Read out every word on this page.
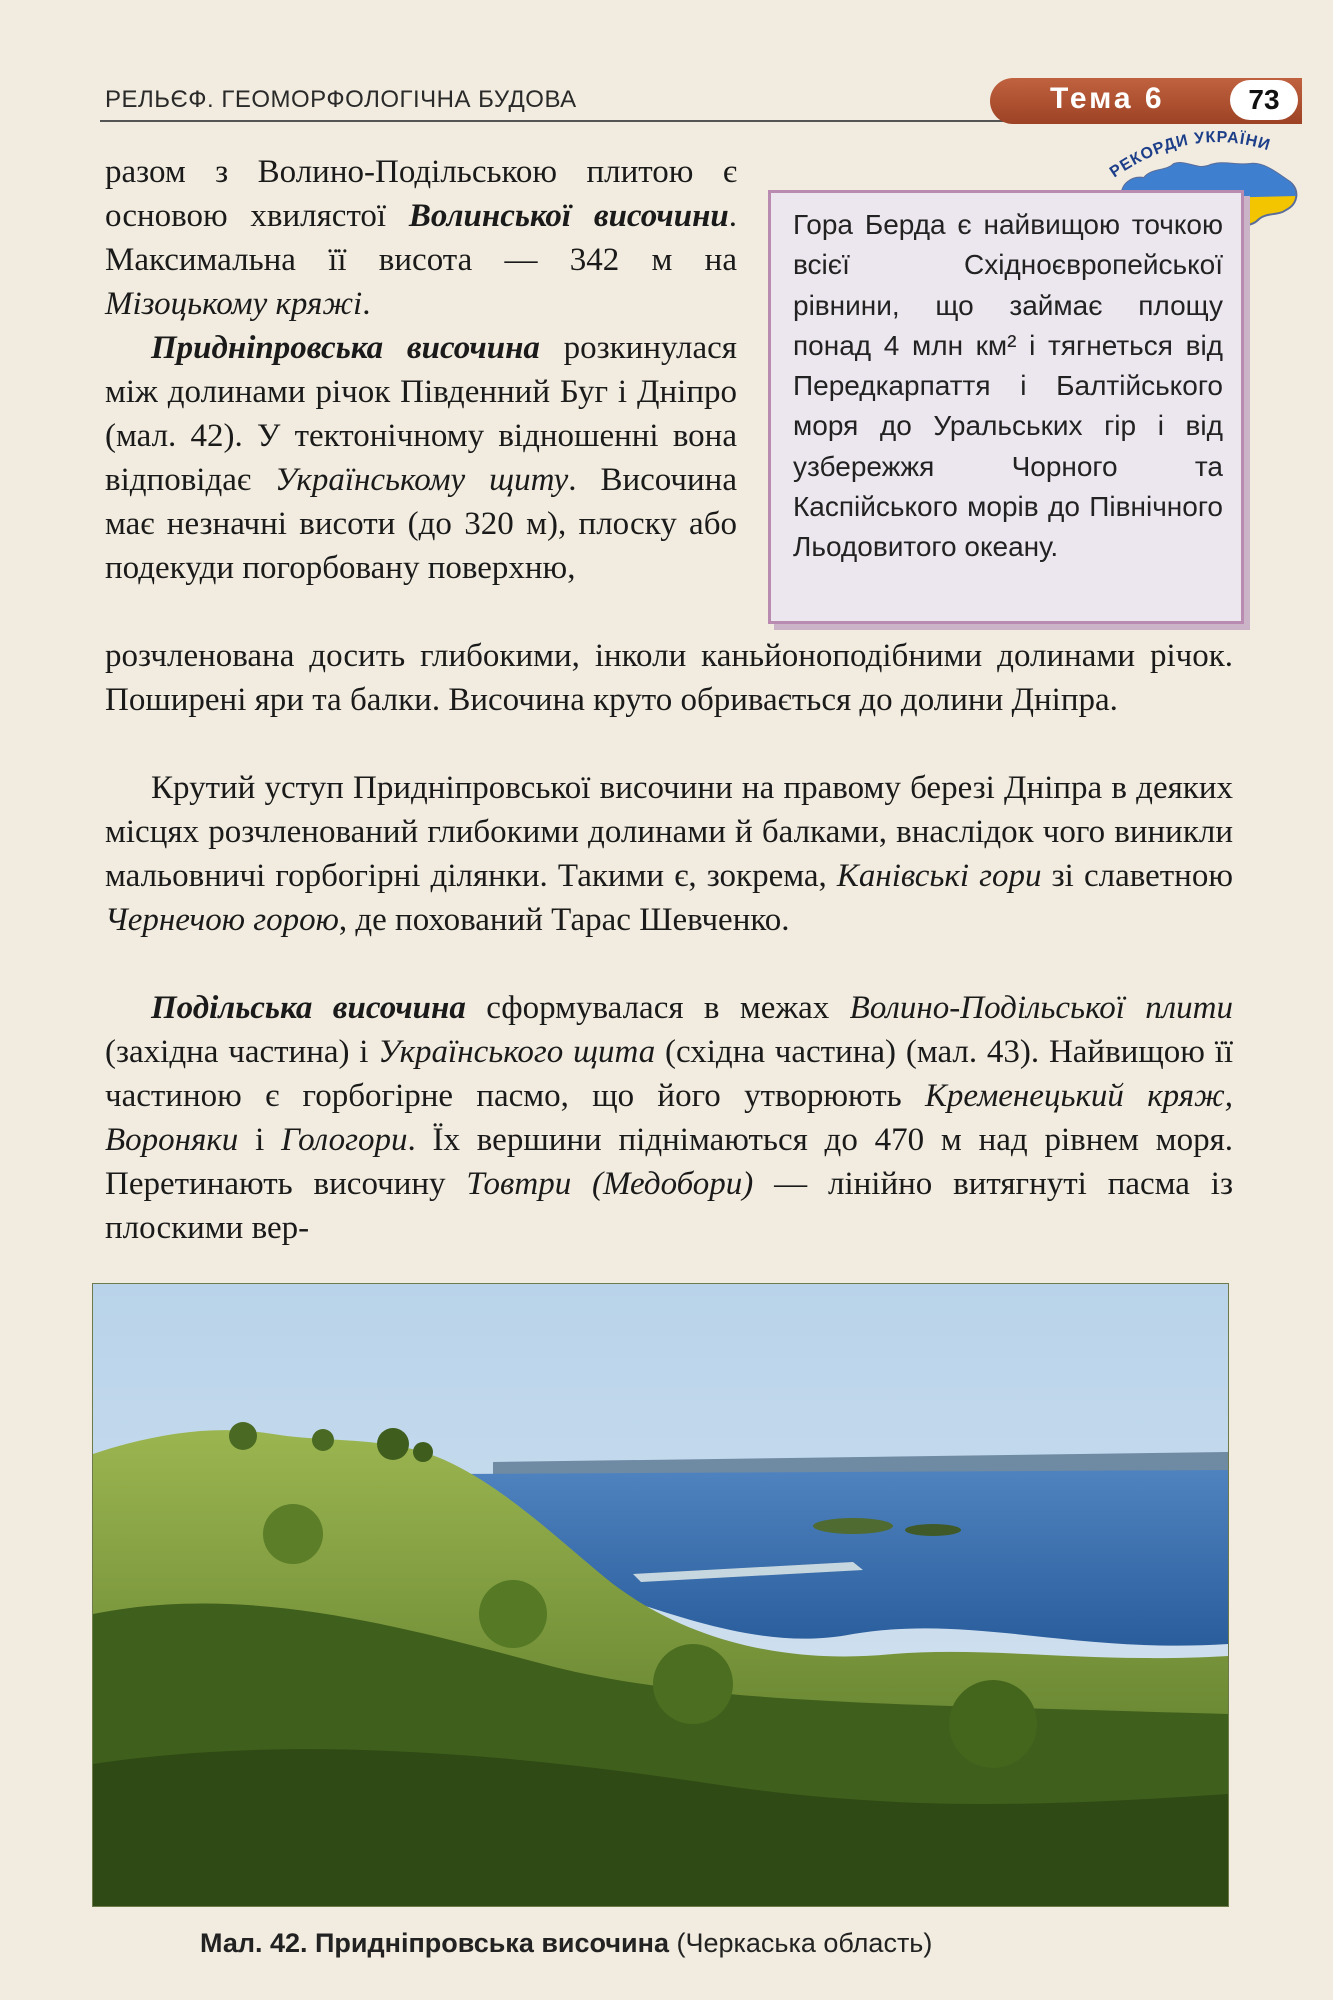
РЕЛЬЄФ. ГЕОМОРФОЛОГІЧНА БУДОВА	Тема 6	73
РЕКОРДИ УКРАЇНИ
Гора Берда є найвищою точкою всієї Східноєвропейської рівнини, що займає площу понад 4 млн км² і тягнеться від Передкарпаття і Балтійського моря до Уральських гір і від узбережжя Чорного та Каспійського морів до Північного Льодовитого океану.
разом з Волино-Подільською плитою є основою хвилястої Волинської височини. Максимальна її висота — 342 м на Мізоцькому кряжі.
Придніпровська височина розкинулася між долинами річок Південний Буг і Дніпро (мал. 42). У тектонічному відношенні вона відповідає Українському щиту. Височина має незначні висоти (до 320 м), плоску або подекуди погорбовану поверхню,
розчленована досить глибокими, інколи каньйоноподібними долинами річок. Поширені яри та балки. Височина круто обривається до долини Дніпра.
Крутий уступ Придніпровської височини на правому березі Дніпра в деяких місцях розчленований глибокими долинами й балками, внаслідок чого виникли мальовничі горбогірні ділянки. Такими є, зокрема, Канівські гори зі славетною Чернечою горою, де похований Тарас Шевченко.
Подільська височина сформувалася в межах Волино-Подільської плити (західна частина) і Українського щита (східна частина) (мал. 43). Найвищою її частиною є горбогірне пасмо, що його утворюють Кременецький кряж, Вороняки і Гологори. Їх вершини піднімаються до 470 м над рівнем моря. Перетинають височину Товтри (Медобори) — лінійно витягнуті пасма із плоскими вер-
Мал. 42. Придніпровська височина (Черкаська область)
